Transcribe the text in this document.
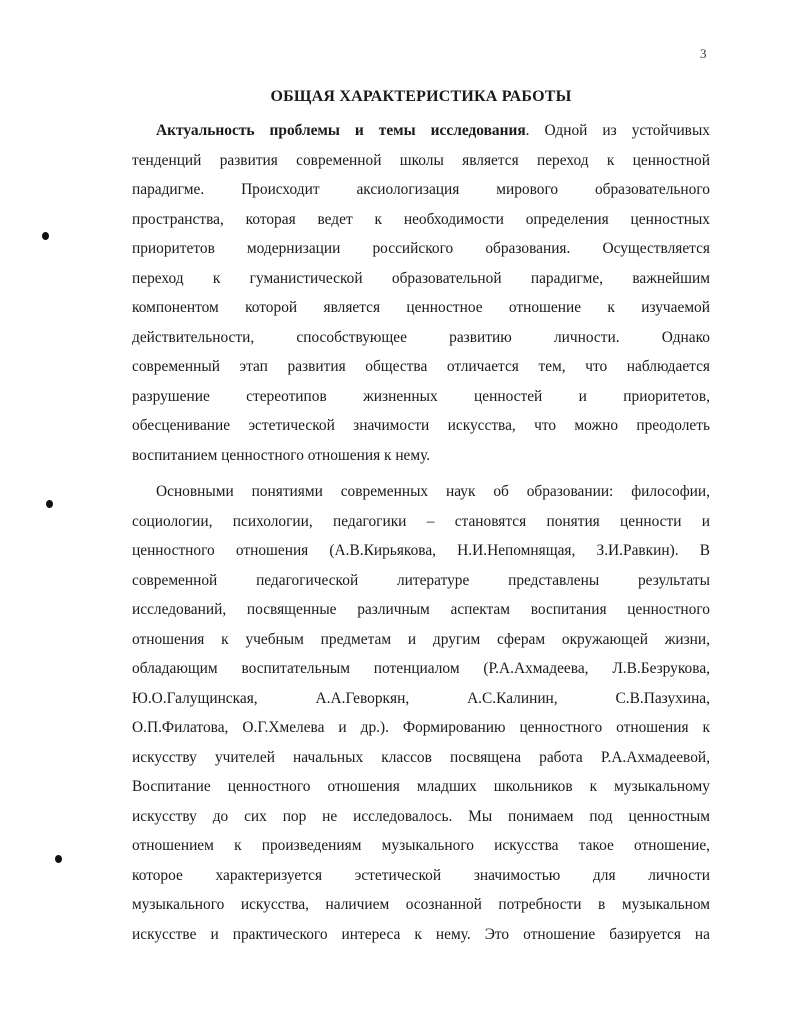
3
ОБЩАЯ ХАРАКТЕРИСТИКА РАБОТЫ
Актуальность проблемы и темы исследования. Одной из устойчивых
тенденций развития современной школы является переход к ценностной
парадигме. Происходит аксиологизация мирового образовательного
пространства, которая ведет к необходимости определения ценностных
приоритетов модернизации российского образования. Осуществляется
переход к гуманистической образовательной парадигме, важнейшим
компонентом которой является ценностное отношение к изучаемой
действительности, способствующее развитию личности. Однако
современный этап развития общества отличается тем, что наблюдается
разрушение стереотипов жизненных ценностей и приоритетов,
обесценивание эстетической значимости искусства, что можно преодолеть
воспитанием ценностного отношения к нему.
Основными понятиями современных наук об образовании: философии,
социологии, психологии, педагогики – становятся понятия ценности и
ценностного отношения (А.В.Кирьякова, Н.И.Непомнящая, З.И.Равкин). В
современной педагогической литературе представлены результаты
исследований, посвященные различным аспектам воспитания ценностного
отношения к учебным предметам и другим сферам окружающей жизни,
обладающим воспитательным потенциалом (Р.А.Ахмадеева, Л.В.Безрукова,
Ю.О.Галущинская, А.А.Геворкян, А.С.Калинин, С.В.Пазухина,
О.П.Филатова, О.Г.Хмелева и др.). Формированию ценностного отношения к
искусству учителей начальных классов посвящена работа Р.А.Ахмадеевой,
Воспитание ценностного отношения младших школьников к музыкальному
искусству до сих пор не исследовалось. Мы понимаем под ценностным
отношением к произведениям музыкального искусства такое отношение,
которое характеризуется эстетической значимостью для личности
музыкального искусства, наличием осознанной потребности в музыкальном
искусстве и практического интереса к нему. Это отношение базируется на
